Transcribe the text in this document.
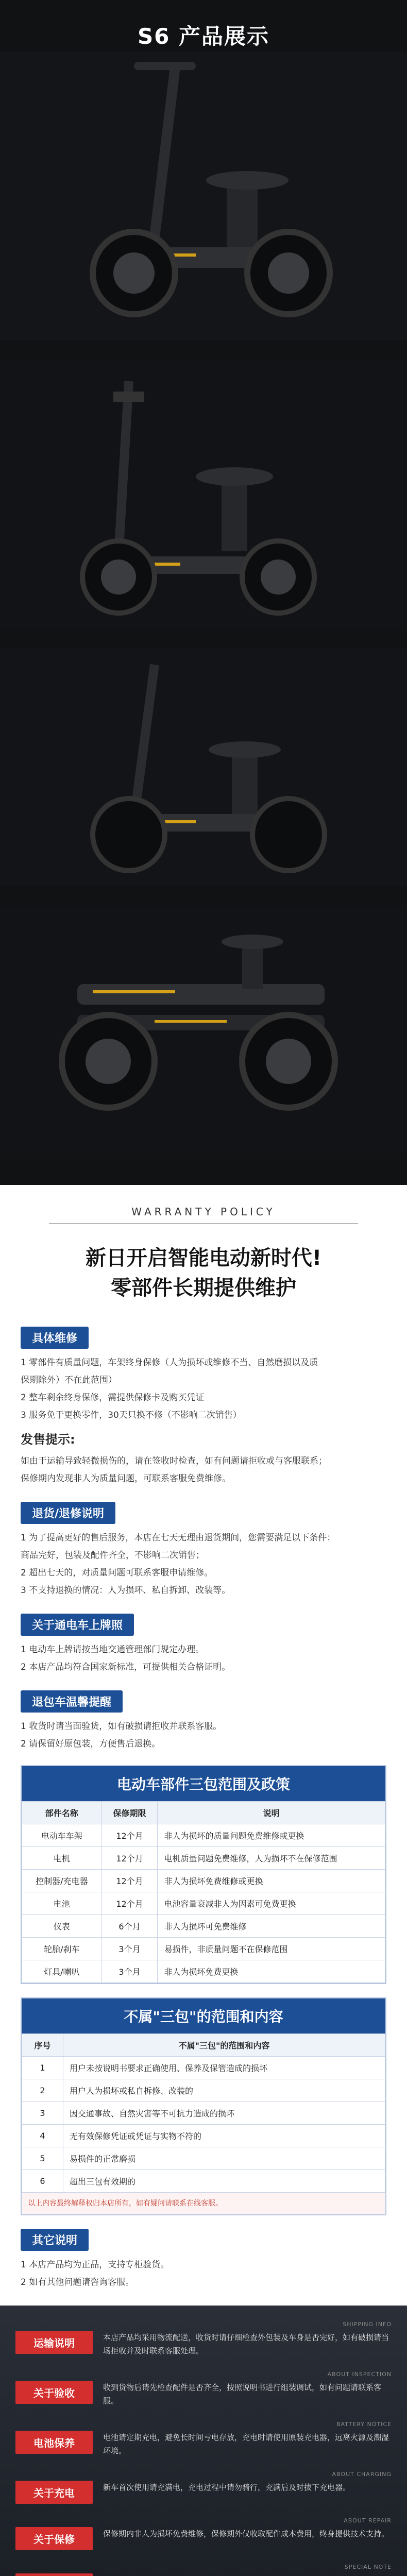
S6 产品展示
WARRANTY POLICY
新日开启智能电动新时代!
零部件长期提供维护
具体维修

1 零部件有质量问题，车架终身保修（人为损坏或维修不当、自然磨损以及质

保期除外）不在此范围）

2 整车剩余终身保修，需提供保修卡及购买凭证

3 服务免于更换零件，30天只换不修（不影响二次销售）

发售提示:

如由于运输导致轻微损伤的，请在签收时检查，如有问题请拒收或与客服联系；

保修期内发现非人为质量问题，可联系客服免费维修。

退货/退修说明

1 为了提高更好的售后服务，本店在七天无理由退货期间，您需要满足以下条件：

商品完好，包装及配件齐全，不影响二次销售；

2 超出七天的，对质量问题可联系客服申请维修。

3 不支持退换的情况：人为损坏、私自拆卸、改装等。

关于通电车上牌照

1 电动车上牌请按当地交通管理部门规定办理。

2 本店产品均符合国家新标准，可提供相关合格证明。

退包车温馨提醒

1 收货时请当面验货，如有破损请拒收并联系客服。

2 请保留好原包装，方便售后退换。

电动车部件三包范围及政策
部件名称	保修期限	说明
电动车车架	12个月	非人为损坏的质量问题免费维修或更换
电机	12个月	电机质量问题免费维修，人为损坏不在保修范围
控制器/充电器	12个月	非人为损坏免费维修或更换
电池	12个月	电池容量衰减非人为因素可免费更换
仪表	6个月	非人为损坏可免费维修
轮胎/刹车	3个月	易损件，非质量问题不在保修范围
灯具/喇叭	3个月	非人为损坏免费更换
不属"三包"的范围和内容
序号	不属"三包"的范围和内容
1	用户未按说明书要求正确使用、保养及保管造成的损坏
2	用户人为损坏或私自拆修、改装的
3	因交通事故、自然灾害等不可抗力造成的损坏
4	无有效保修凭证或凭证与实物不符的
5	易损件的正常磨损
6	超出三包有效期的
以上内容最终解释权归本店所有，如有疑问请联系在线客服。
其它说明

1 本店产品均为正品，支持专柜验货。

2 如有其他问题请咨询客服。

SHIPPING INFO
运输说明	本店产品均采用物流配送，收货时请仔细检查外包装及车身是否完好，如有破损请当场拒收并及时联系客服处理。
ABOUT INSPECTION
关于验收	收到货物后请先检查配件是否齐全，按照说明书进行组装调试，如有问题请联系客服。
BATTERY NOTICE
电池保养	电池请定期充电，避免长时间亏电存放，充电时请使用原装充电器，远离火源及潮湿环境。
ABOUT CHARGING
关于充电	新车首次使用请充满电，充电过程中请勿骑行，充满后及时拔下充电器。
ABOUT REPAIR
关于保修	保修期内非人为损坏免费维修，保修期外仅收取配件成本费用，终身提供技术支持。
SPECIAL NOTE
